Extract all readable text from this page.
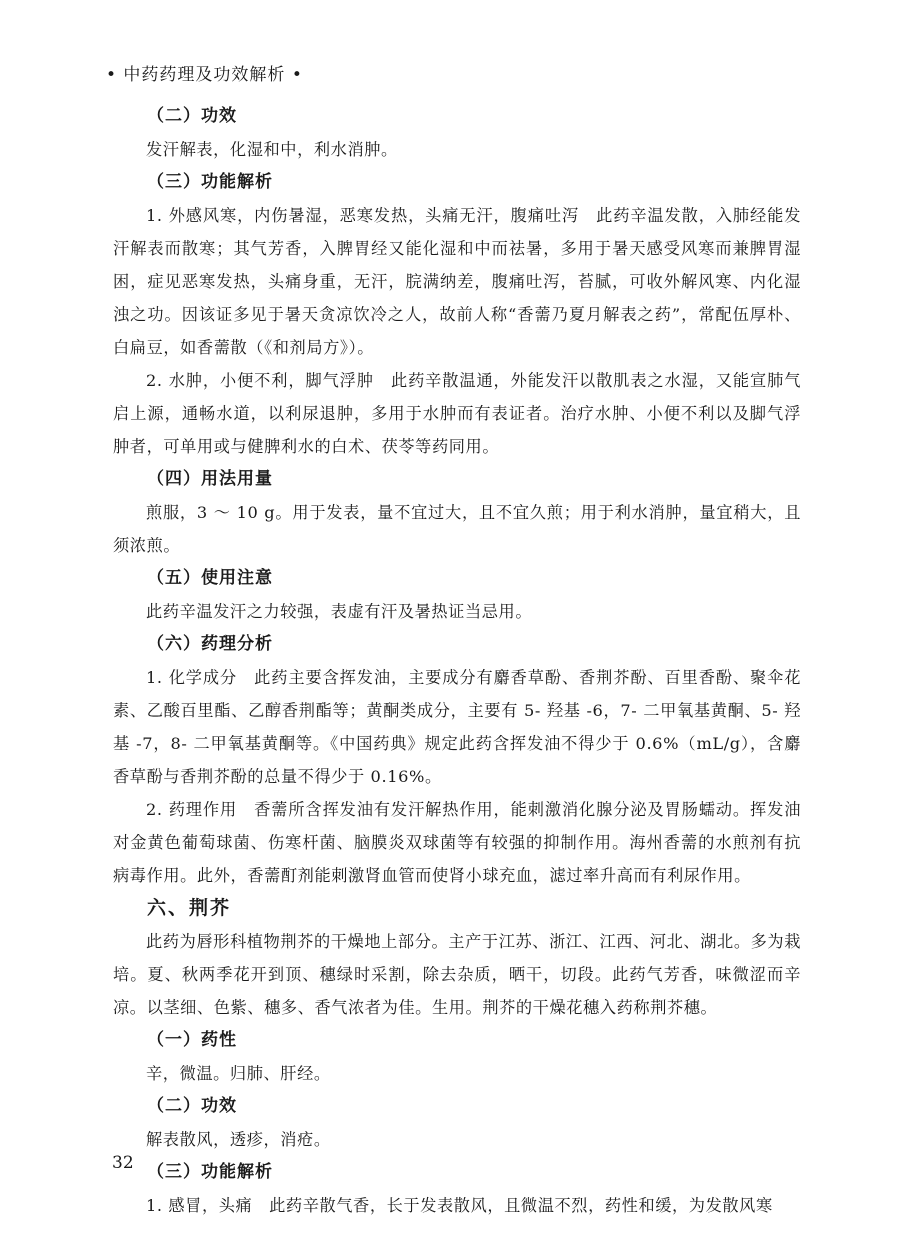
• 中药药理及功效解析 •
（二）功效
发汗解表，化湿和中，利水消肿。
（三）功能解析
1. 外感风寒，内伤暑湿，恶寒发热，头痛无汗，腹痛吐泻　此药辛温发散，入肺经能发汗解表而散寒；其气芳香，入脾胃经又能化湿和中而祛暑，多用于暑天感受风寒而兼脾胃湿困，症见恶寒发热，头痛身重，无汗，脘满纳差，腹痛吐泻，苔腻，可收外解风寒、内化湿浊之功。因该证多见于暑天贪凉饮冷之人，故前人称“香薷乃夏月解表之药”，常配伍厚朴、白扁豆，如香薷散（《和剂局方》）。
2. 水肿，小便不利，脚气浮肿　此药辛散温通，外能发汗以散肌表之水湿，又能宣肺气启上源，通畅水道，以利尿退肿，多用于水肿而有表证者。治疗水肿、小便不利以及脚气浮肿者，可单用或与健脾利水的白术、茯苓等药同用。
（四）用法用量
煎服，3 ～ 10 g。用于发表，量不宜过大，且不宜久煎；用于利水消肿，量宜稍大，且须浓煎。
（五）使用注意
此药辛温发汗之力较强，表虚有汗及暑热证当忌用。
（六）药理分析
1. 化学成分　此药主要含挥发油，主要成分有麝香草酚、香荆芥酚、百里香酚、聚伞花素、乙酸百里酯、乙醇香荆酯等；黄酮类成分，主要有 5- 羟基 -6，7- 二甲氧基黄酮、5- 羟基 -7，8- 二甲氧基黄酮等。《中国药典》规定此药含挥发油不得少于 0.6%（mL/g），含麝香草酚与香荆芥酚的总量不得少于 0.16%。
2. 药理作用　香薷所含挥发油有发汗解热作用，能刺激消化腺分泌及胃肠蠕动。挥发油对金黄色葡萄球菌、伤寒杆菌、脑膜炎双球菌等有较强的抑制作用。海州香薷的水煎剂有抗病毒作用。此外，香薷酊剂能刺激肾血管而使肾小球充血，滤过率升高而有利尿作用。
六、荆芥
此药为唇形科植物荆芥的干燥地上部分。主产于江苏、浙江、江西、河北、湖北。多为栽培。夏、秋两季花开到顶、穗绿时采割，除去杂质，晒干，切段。此药气芳香，味微涩而辛凉。以茎细、色紫、穗多、香气浓者为佳。生用。荆芥的干燥花穗入药称荆芥穗。
（一）药性
辛，微温。归肺、肝经。
（二）功效
解表散风，透疹，消疮。
（三）功能解析
1. 感冒，头痛　此药辛散气香，长于发表散风，且微温不烈，药性和缓，为发散风寒
32
